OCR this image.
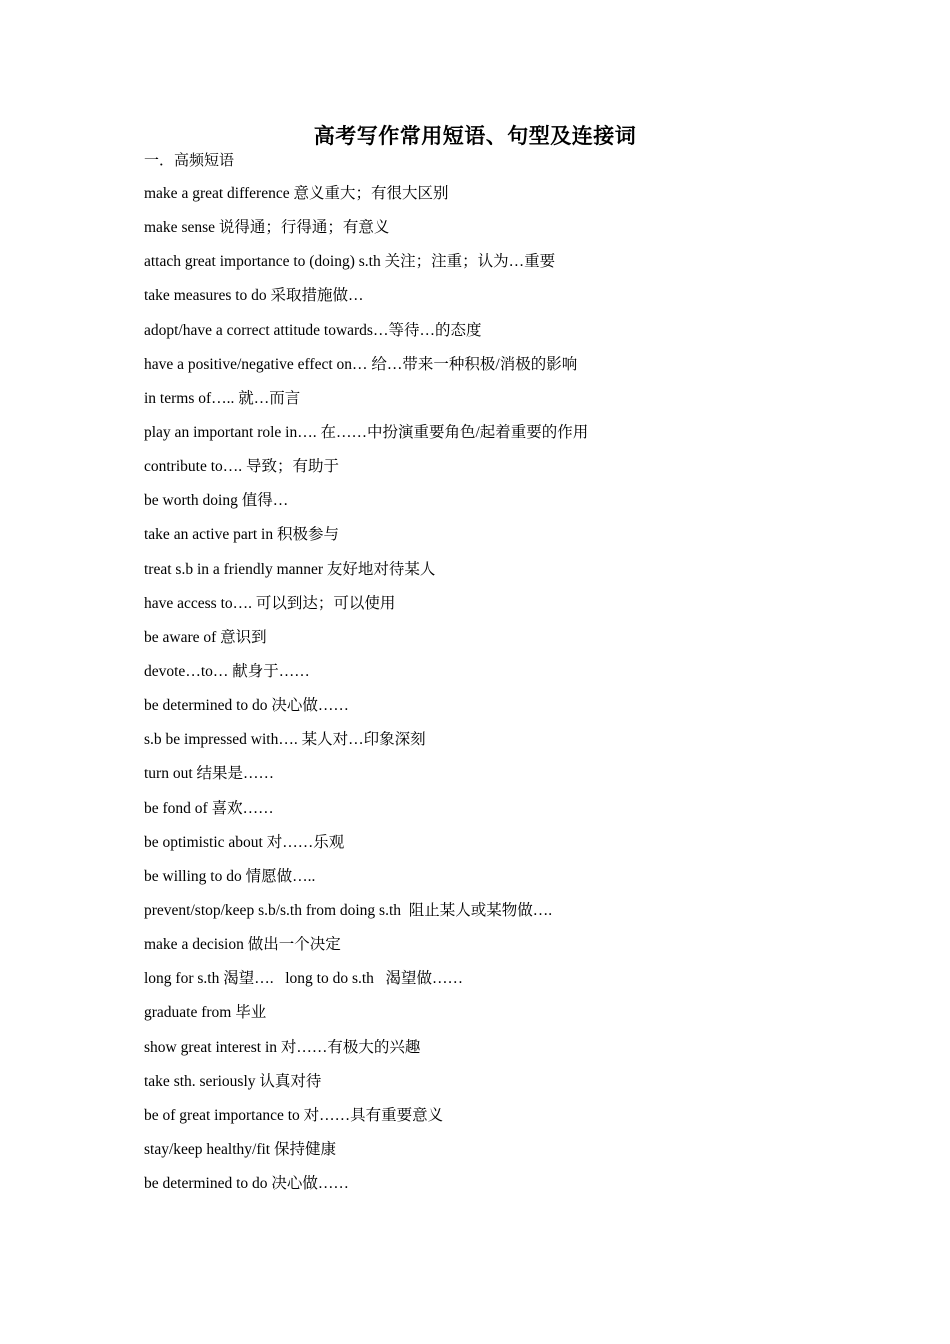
高考写作常用短语、句型及连接词
一．高频短语
make a great difference 意义重大；有很大区别
make sense 说得通；行得通；有意义
attach great importance to (doing) s.th 关注；注重；认为…重要
take measures to do 采取措施做…
adopt/have a correct attitude towards…等待…的态度
have a positive/negative effect on… 给…带来一种积极/消极的影响
in terms of….. 就…而言
play an important role in…. 在……中扮演重要角色/起着重要的作用
contribute to…. 导致；有助于
be worth doing 值得…
take an active part in 积极参与
treat s.b in a friendly manner 友好地对待某人
have access to…. 可以到达；可以使用
be aware of 意识到
devote…to… 献身于……
be determined to do 决心做……
s.b be impressed with…. 某人对…印象深刻
turn out 结果是……
be fond of 喜欢……
be optimistic about 对……乐观
be willing to do 情愿做…..
prevent/stop/keep s.b/s.th from doing s.th  阻止某人或某物做….
make a decision 做出一个决定
long for s.th 渴望….   long to do s.th   渴望做……
graduate from 毕业
show great interest in 对……有极大的兴趣
take sth. seriously 认真对待
be of great importance to 对……具有重要意义
stay/keep healthy/fit 保持健康
be determined to do 决心做……
